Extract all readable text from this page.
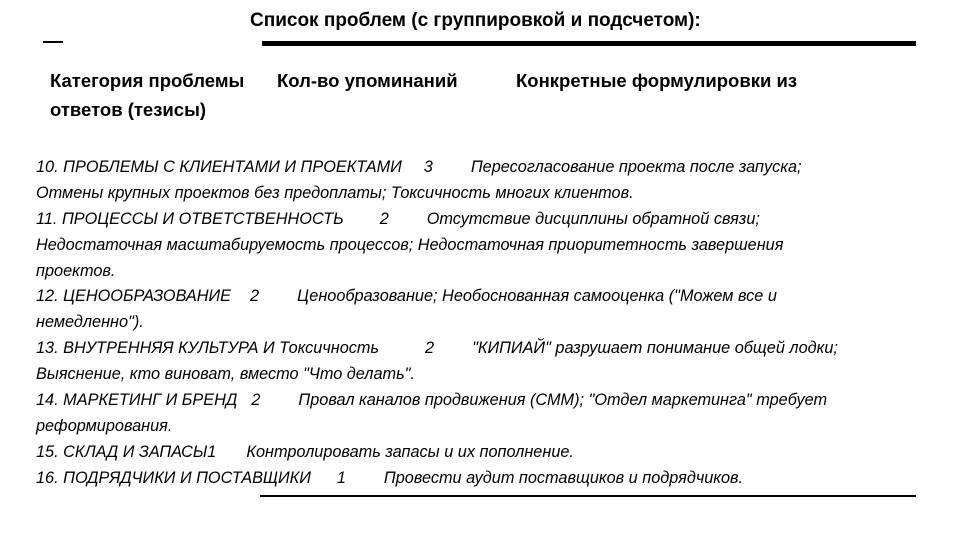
Список проблем (с группировкой и подсчетом):
Категория проблемы Кол-во упоминаний	Конкретные формулировки из
ответов (тезисы)
10. ПРОБЛЕМЫ С КЛИЕНТАМИ И ПРОЕКТАМИ 3 Пересогласование проекта после запуска;
Отмены крупных проектов без предоплаты; Токсичность многих клиентов.
11. ПРОЦЕССЫ И ОТВЕТСТВЕННОСТЬ 2 Отсутствие дисциплины обратной связи;
Недостаточная масштабируемость процессов; Недостаточная приоритетность завершения
проектов.
12. ЦЕНООБРАЗОВАНИЕ 2 Ценообразование; Необоснованная самооценка ("Можем все и
немедленно").
13. ВНУТРЕННЯЯ КУЛЬТУРА И Токсичность	2 "КИПИАЙ" разрушает понимание общей лодки;
Выяснение, кто виноват, вместо "Что делать".
14. МАРКЕТИНГ И БРЕНД 2 Провал каналов продвижения (СММ); "Отдел маркетинга" требует
реформирования.
15. СКЛАД И ЗАПАСЫ1 Контролировать запасы и их пополнение.
16. ПОДРЯДЧИКИ И ПОСТАВЩИКИ 1 Провести аудит поставщиков и подрядчиков.
